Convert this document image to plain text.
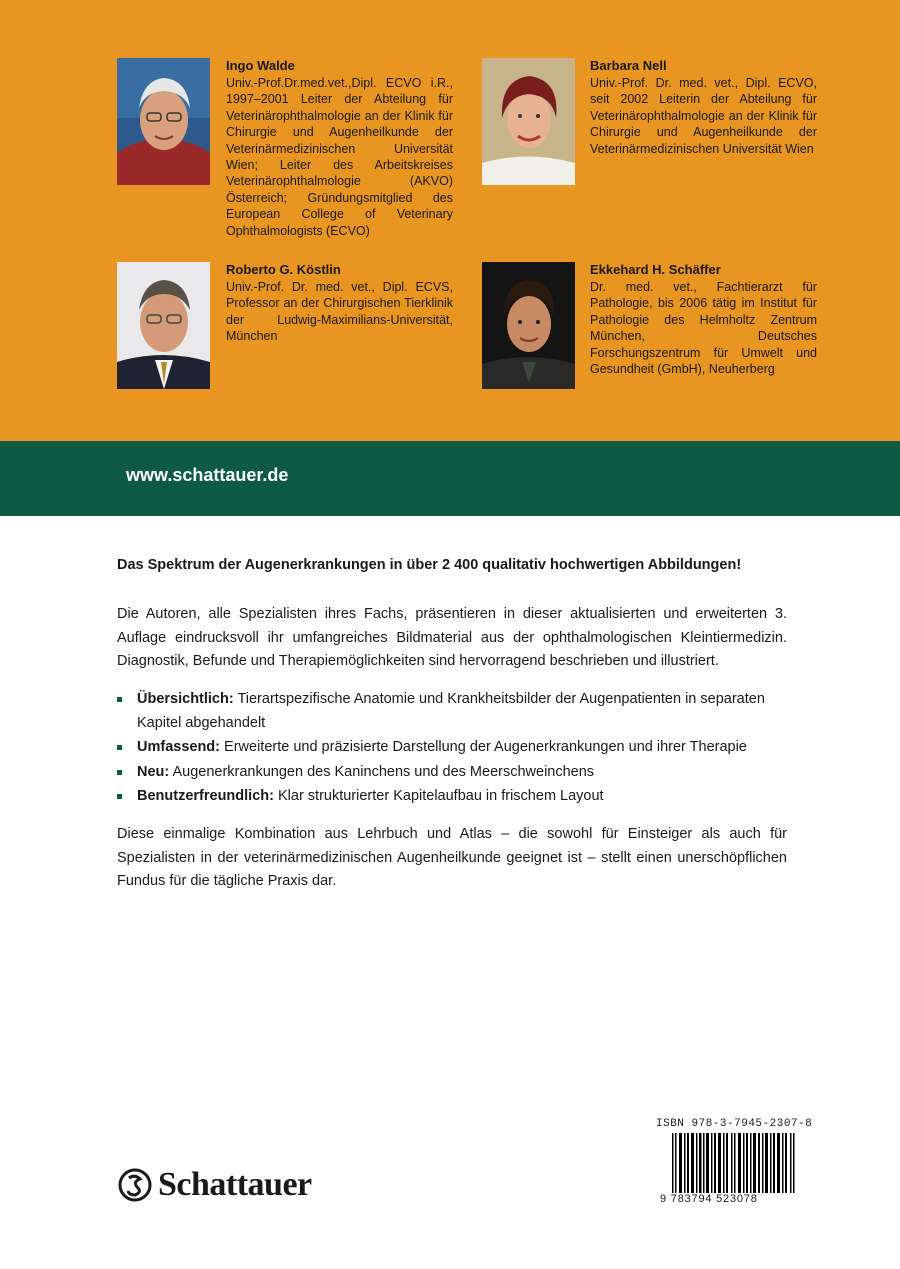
Ingo Walde
Univ.-Prof.Dr.med.vet.,Dipl. ECVO i.R., 1997–2001 Leiter der Abteilung für Veterinärophthalmologie an der Klinik für Chirurgie und Augenheilkunde der Veterinärmedizinischen Universität Wien; Leiter des Arbeitskreises Veterinärophthalmologie (AKVO) Österreich; Gründungsmitglied des European College of Veterinary Ophthalmologists (ECVO)
Barbara Nell
Univ.-Prof. Dr. med. vet., Dipl. ECVO, seit 2002 Leiterin der Abteilung für Veterinärophthalmologie an der Klinik für Chirurgie und Augenheilkunde der Veterinärmedizinischen Universität Wien
Roberto G. Köstlin
Univ.-Prof. Dr. med. vet., Dipl. ECVS, Professor an der Chirurgischen Tierklinik der Ludwig-Maximilians-Universität, München
Ekkehard H. Schäffer
Dr. med. vet., Fachtierarzt für Pathologie, bis 2006 tätig im Institut für Pathologie des Helmholtz Zentrum München, Deutsches Forschungszentrum für Umwelt und Gesundheit (GmbH), Neuherberg
www.schattauer.de
Das Spektrum der Augenerkrankungen in über 2 400 qualitativ hochwertigen Abbildungen!
Die Autoren, alle Spezialisten ihres Fachs, präsentieren in dieser aktualisierten und erweiterten 3. Auflage eindrucksvoll ihr umfangreiches Bildmaterial aus der ophthalmologischen Kleintiermedizin. Diagnostik, Befunde und Therapiemöglichkeiten sind hervorragend beschrieben und illustriert.
Übersichtlich: Tierartspezifische Anatomie und Krankheitsbilder der Augenpatienten in separaten Kapitel abgehandelt
Umfassend: Erweiterte und präzisierte Darstellung der Augenerkrankungen und ihrer Therapie
Neu: Augenerkrankungen des Kaninchens und des Meerschweinchens
Benutzerfreundlich: Klar strukturierter Kapitelaufbau in frischem Layout
Diese einmalige Kombination aus Lehrbuch und Atlas – die sowohl für Einsteiger als auch für Spezialisten in der veterinärmedizinischen Augenheilkunde geeignet ist – stellt einen unerschöpflichen Fundus für die tägliche Praxis dar.
ISBN 978-3-7945-2307-8
9 783794 523078
Schattauer
